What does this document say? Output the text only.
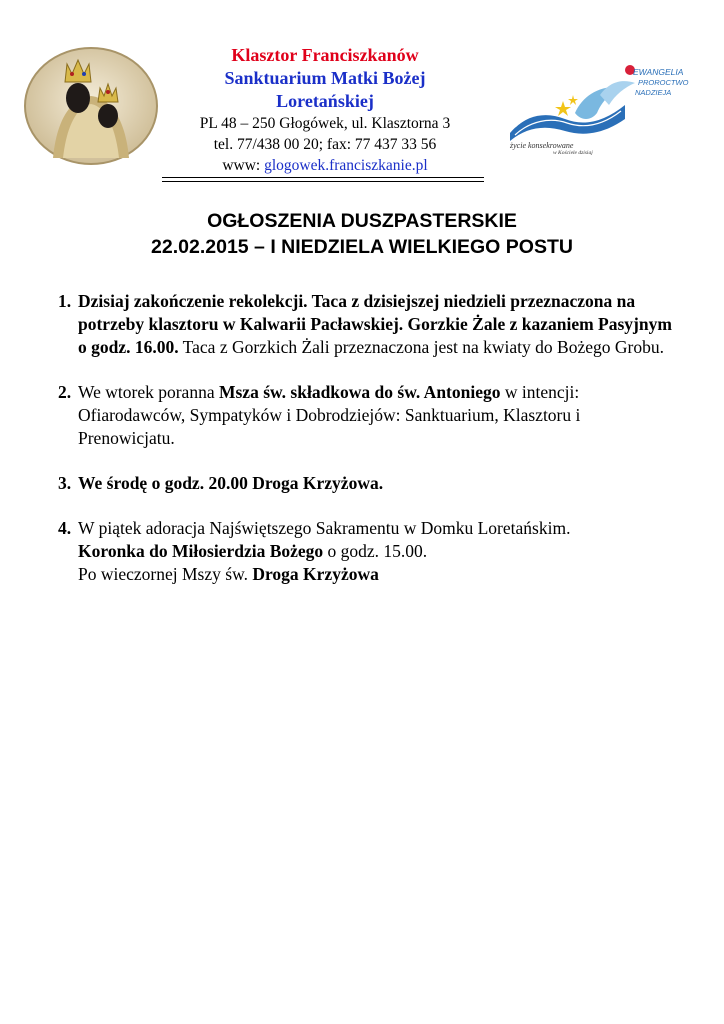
Klasztor Franciszkanów
Sanktuarium Matki Bożej
Loretańskiej
PL 48 – 250 Głogówek, ul. Klasztorna 3
tel. 77/438 00 20; fax: 77 437 33 56
www: glogowek.franciszkanie.pl
EWANGELIA
PROROCTWO
NADZIEJA
życie konsekrowane
w Kościele dzisiaj
OGŁOSZENIA DUSZPASTERSKIE
22.02.2015 – I NIEDZIELA WIELKIEGO POSTU
1. Dzisiaj zakończenie rekolekcji. Taca z dzisiejszej niedzieli przeznaczona na potrzeby klasztoru w Kalwarii Pacławskiej. Gorzkie Żale z kazaniem Pasyjnym o godz. 16.00. Taca z Gorzkich Żali przeznaczona jest na kwiaty do Bożego Grobu.
2. We wtorek poranna Msza św. składkowa do św. Antoniego w intencji: Ofiarodawców, Sympatyków i Dobrodziejów: Sanktuarium, Klasztoru i Prenowicjatu.
3. We środę o godz. 20.00 Droga Krzyżowa.
4. W piątek adoracja Najświętszego Sakramentu w Domku Loretańskim.
Koronka do Miłosierdzia Bożego o godz. 15.00.
Po wieczornej Mszy św. Droga Krzyżowa
